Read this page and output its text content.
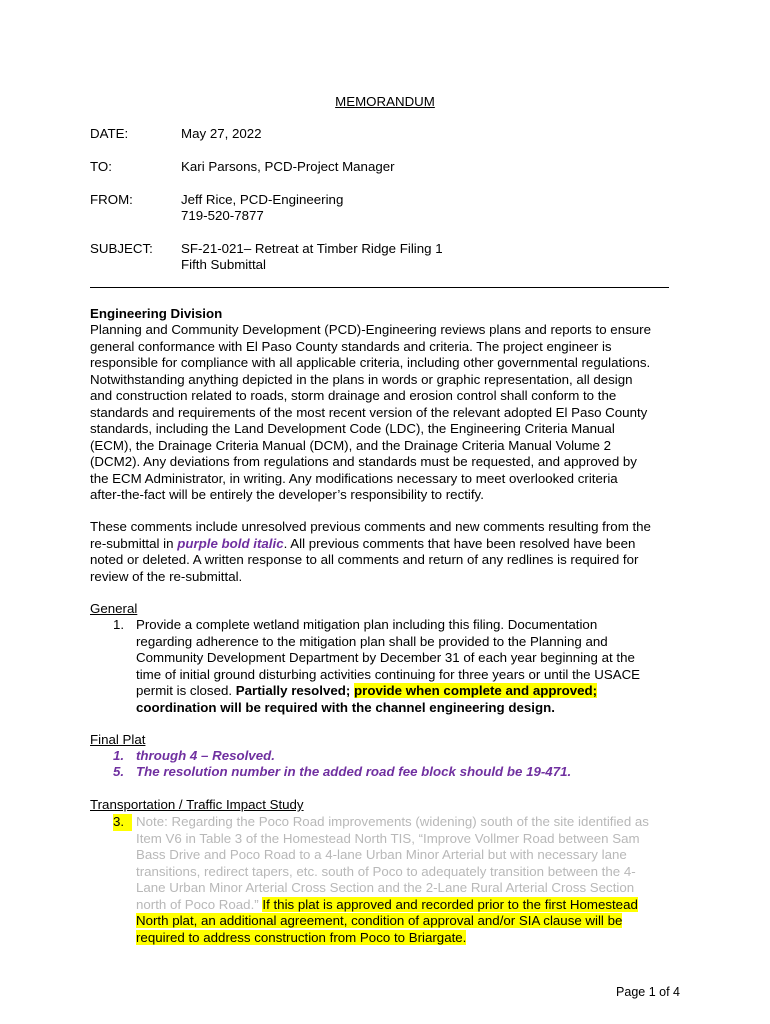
MEMORANDUM
DATE:	May 27, 2022
TO:	Kari Parsons, PCD-Project Manager
FROM:	Jeff Rice, PCD-Engineering
719-520-7877
SUBJECT: SF-21-021– Retreat at Timber Ridge Filing 1
Fifth Submittal
Engineering Division
Planning and Community Development (PCD)-Engineering reviews plans and reports to ensure
general conformance with El Paso County standards and criteria. The project engineer is
responsible for compliance with all applicable criteria, including other governmental regulations.
Notwithstanding anything depicted in the plans in words or graphic representation, all design
and construction related to roads, storm drainage and erosion control shall conform to the
standards and requirements of the most recent version of the relevant adopted El Paso County
standards, including the Land Development Code (LDC), the Engineering Criteria Manual
(ECM), the Drainage Criteria Manual (DCM), and the Drainage Criteria Manual Volume 2
(DCM2). Any deviations from regulations and standards must be requested, and approved by
the ECM Administrator, in writing. Any modifications necessary to meet overlooked criteria
after-the-fact will be entirely the developer’s responsibility to rectify.
These comments include unresolved previous comments and new comments resulting from the
re-submittal in purple bold italic. All previous comments that have been resolved have been
noted or deleted. A written response to all comments and return of any redlines is required for
review of the re-submittal.
General
1. Provide a complete wetland mitigation plan including this filing. Documentation
regarding adherence to the mitigation plan shall be provided to the Planning and
Community Development Department by December 31 of each year beginning at the
time of initial ground disturbing activities continuing for three years or until the USACE
permit is closed. Partially resolved; provide when complete and approved;
coordination will be required with the channel engineering design.
Final Plat
1. through 4 – Resolved.
5. The resolution number in the added road fee block should be 19-471.
Transportation / Traffic Impact Study
3. Note: Regarding the Poco Road improvements (widening) south of the site identified as
Item V6 in Table 3 of the Homestead North TIS, “Improve Vollmer Road between Sam
Bass Drive and Poco Road to a 4-lane Urban Minor Arterial but with necessary lane
transitions, redirect tapers, etc. south of Poco to adequately transition between the 4-
Lane Urban Minor Arterial Cross Section and the 2-Lane Rural Arterial Cross Section
north of Poco Road.” If this plat is approved and recorded prior to the first Homestead
North plat, an additional agreement, condition of approval and/or SIA clause will be
required to address construction from Poco to Briargate.
Page 1 of 4
